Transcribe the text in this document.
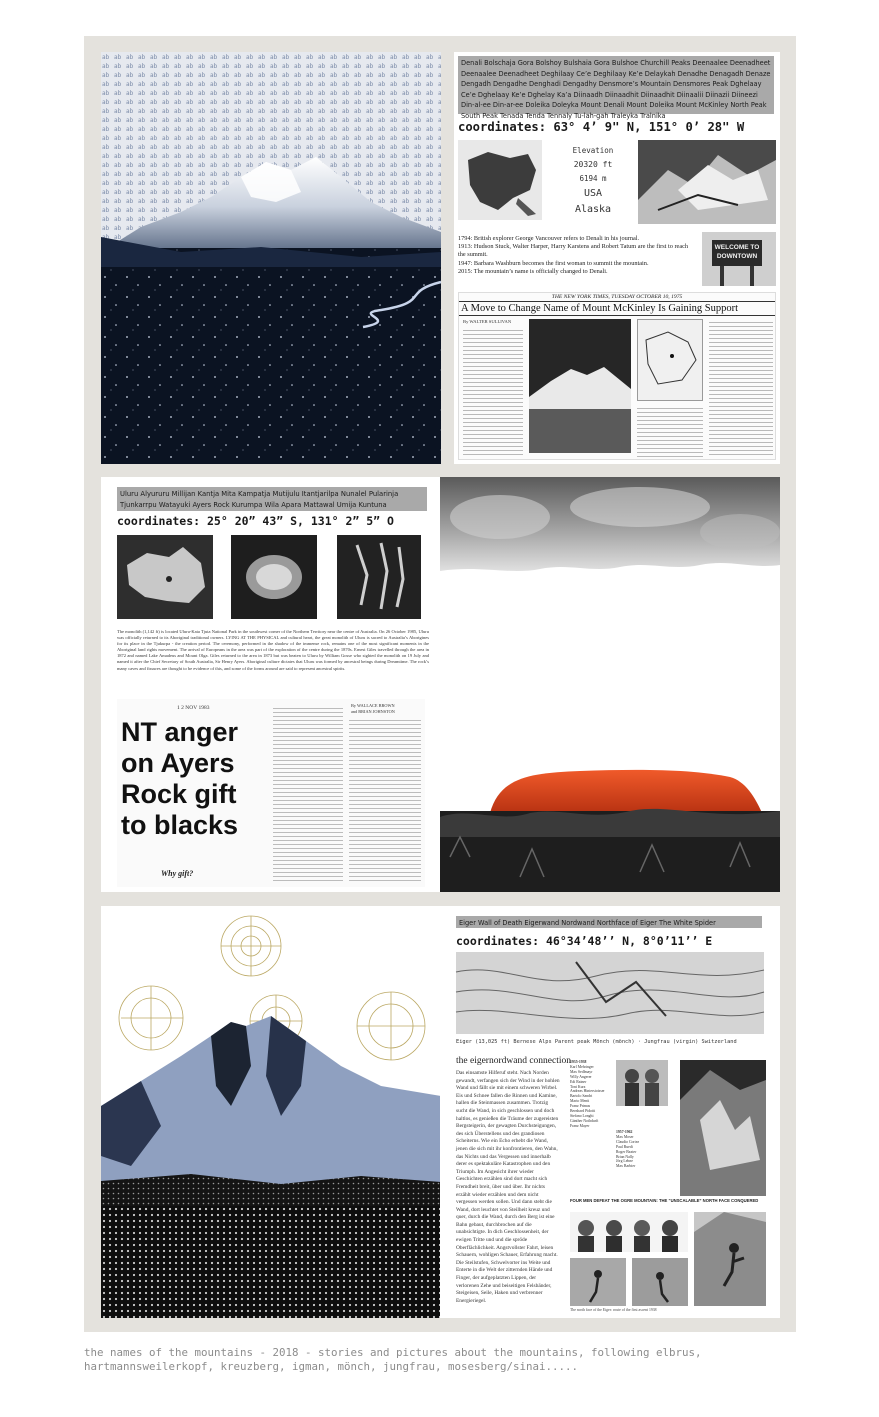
Denali Bolschaja Gora Bolshoy Bulshaia Gora Bulshoe Churchill Peaks Deenaalee Deenadheet Deenaalee Deenadheet Deghilaay Ce’e Deghilaay Ke’e Delaykah Denadhe Denagadh Denaze Dengadh Dengadhe Denghadi Dengadhy Densmore’s Mountain Densmores Peak Dghelaay Ce’e Dghelaay Ke’e Dghelay Ka’a Diinaadh Diinaadhit Diinaadhit Diinaalii Diinazii Diineezi Din-al-ee Din-ar-ee Doleika Doleyka Mount Denali Mount Doleika Mount McKinley North Peak South Peak Tenada Tenda Tennaly Tu-lah-gah Traleyka Tralnika
coordinates: 63° 4’ 9" N, 151° 0’ 28" W
Elevation
20320 ft
6194 m
USA
Alaska
1794: British explorer George Vancouver refers to Denali in his journal.
1913: Hudson Stuck, Walter Harper, Harry Karstens and Robert Tatum are the first to reach the summit.
1947: Barbara Washburn becomes the first woman to summit the mountain.
2015: The mountain’s name is officially changed to Denali.
WELCOME TO DOWNTOWN
THE NEW YORK TIMES, TUESDAY OCTOBER 10, 1975
A Move to Change Name of Mount McKinley Is Gaining Support
By WALTER SULLIVAN
Uluru Alyururu Millijan Kantja Mita Kampatja Mutijulu Itantjarilpa Nunalel Pularinja Tjunkarrpu Watayuki Ayers Rock Kurumpa Wila Apara Mattawal Umija Kuntuna
coordinates: 25° 20” 43” S, 131° 2” 5” O
The monolith (1,142 ft) is located Uluru-Kata Tjuta National Park in the southwest corner of the Northern Territory near the centre of Australia. On 26 October 1985, Uluru was officially returned to its Aboriginal traditional owners. LYING AT THE PHYSICAL and cultural heart, the great monolith of Uluru is sacred to Australia’s Aborigines for its place in the Tjukurpa - the creation period. The ceremony, performed in the shadow of the immense rock, remains one of the most significant moments in the Aboriginal land rights movement. The arrival of Europeans in the area was part of the exploration of the centre during the 1870s. Ernest Giles travelled through the area in 1872 and named Lake Amadeus and Mount Olga. Giles returned to the area in 1873 but was beaten to Uluru by William Gosse who sighted the monolith on 19 July and named it after the Chief Secretary of South Australia, Sir Henry Ayers. Aboriginal culture dictates that Uluru was formed by ancestral beings during Dreamtime. The rock’s many caves and fissures are thought to be evidence of this, and some of the forms around are said to represent ancestral spirits.
1 2 NOV 1983
NT anger on Ayers Rock gift to blacks
Why gift?
By WALLACE BROWN
and BRIAN JOHNSTON
Eiger Wall of Death Eigerwand Nordwand Northface of Eiger The White Spider
coordinates: 46°34’48’’ N, 8°0’11’’ E
Eiger (13,025 ft) Bernese Alps Parent peak Mönch (mönch) · Jungfrau (virgin) Switzerland
the eigernordwand connection
Das einsamste Hilferuf steht. Nach Norden gewandt, verfangen sich der Wind in der hohlen Wand und fällt sie mit einem schweren Wirbel. Eis und Schnee fallen die Rinnen und Kamine, hallen die Steinmassen zusammen. Trotzig sucht die Wand, in sich geschlossen und doch haltlos, es genießen die Träume der zugereisten Bergsteigerin, der gewagten Durchsteigungen, des sich Überstellens und des grandiosen Scheiterns. Wie ein Echo erhebt die Wand, jenen die sich mit ihr konfrontieren, den Wahn, das Nichts und das Vergessen und innerhalb derer es spektakuläre Katastrophen und den Triumph. Im Angesicht ihrer wieder Geschichten erzählen sind dort macht sich Fremdheit breit, über und über. Ihr nichts erzählt wieder erzählen und dem nicht vergessen werden sollen. Und dann steht die Wand, dort leuchtet von Steilheit kreuz und quer, durch die Wand, durch den Berg ist eine Bahn gebaut, durchbrochen auf die unabsichtigte. In dich Geschlossenheit, der ewigen Tritte und und die spröde Oberflächlichkeit. Angstvollster Fahrt, leisen Schauern, wohligen Schauer, Erfahrung macht. Die Steilstufen, Schwelvorter ins Weite und Enterte in die Welt der zitternden Hände und Finger, der aufgeplatzten Lippen, der verlorenen Zehe und beiseitigen Felsbänder, Steigeisen, Seile, Haken und verbrenner Energieriegel.
1935-1938
Karl Mehringer
Max Sedlmayr
Willy Angerer
Edi Rainer
Toni Kurz
Andreas Hinterstoisser
Bartolo Sandri
Mario Menti
Franz Primas
Bernhard Pidotti
Stefano Longhi
Günther Nothdurft
Franz Mayer
1957-1962
Max Moser
Claudio Cortez
Paul Ruedi
Roger Baxter
Brian Nally
Jörg Lehne
Max Barbier
FOUR MEN DEFEAT THE OGRE MOUNTAIN: THE “UNSCALABLE” NORTH FACE CONQUERED
The north face of the Eiger: route of the first ascent 1938
the names of the mountains - 2018 - stories and pictures about the mountains, following elbrus, hartmannsweilerkopf, kreuzberg, igman, mönch, jungfrau, mosesberg/sinai.....
